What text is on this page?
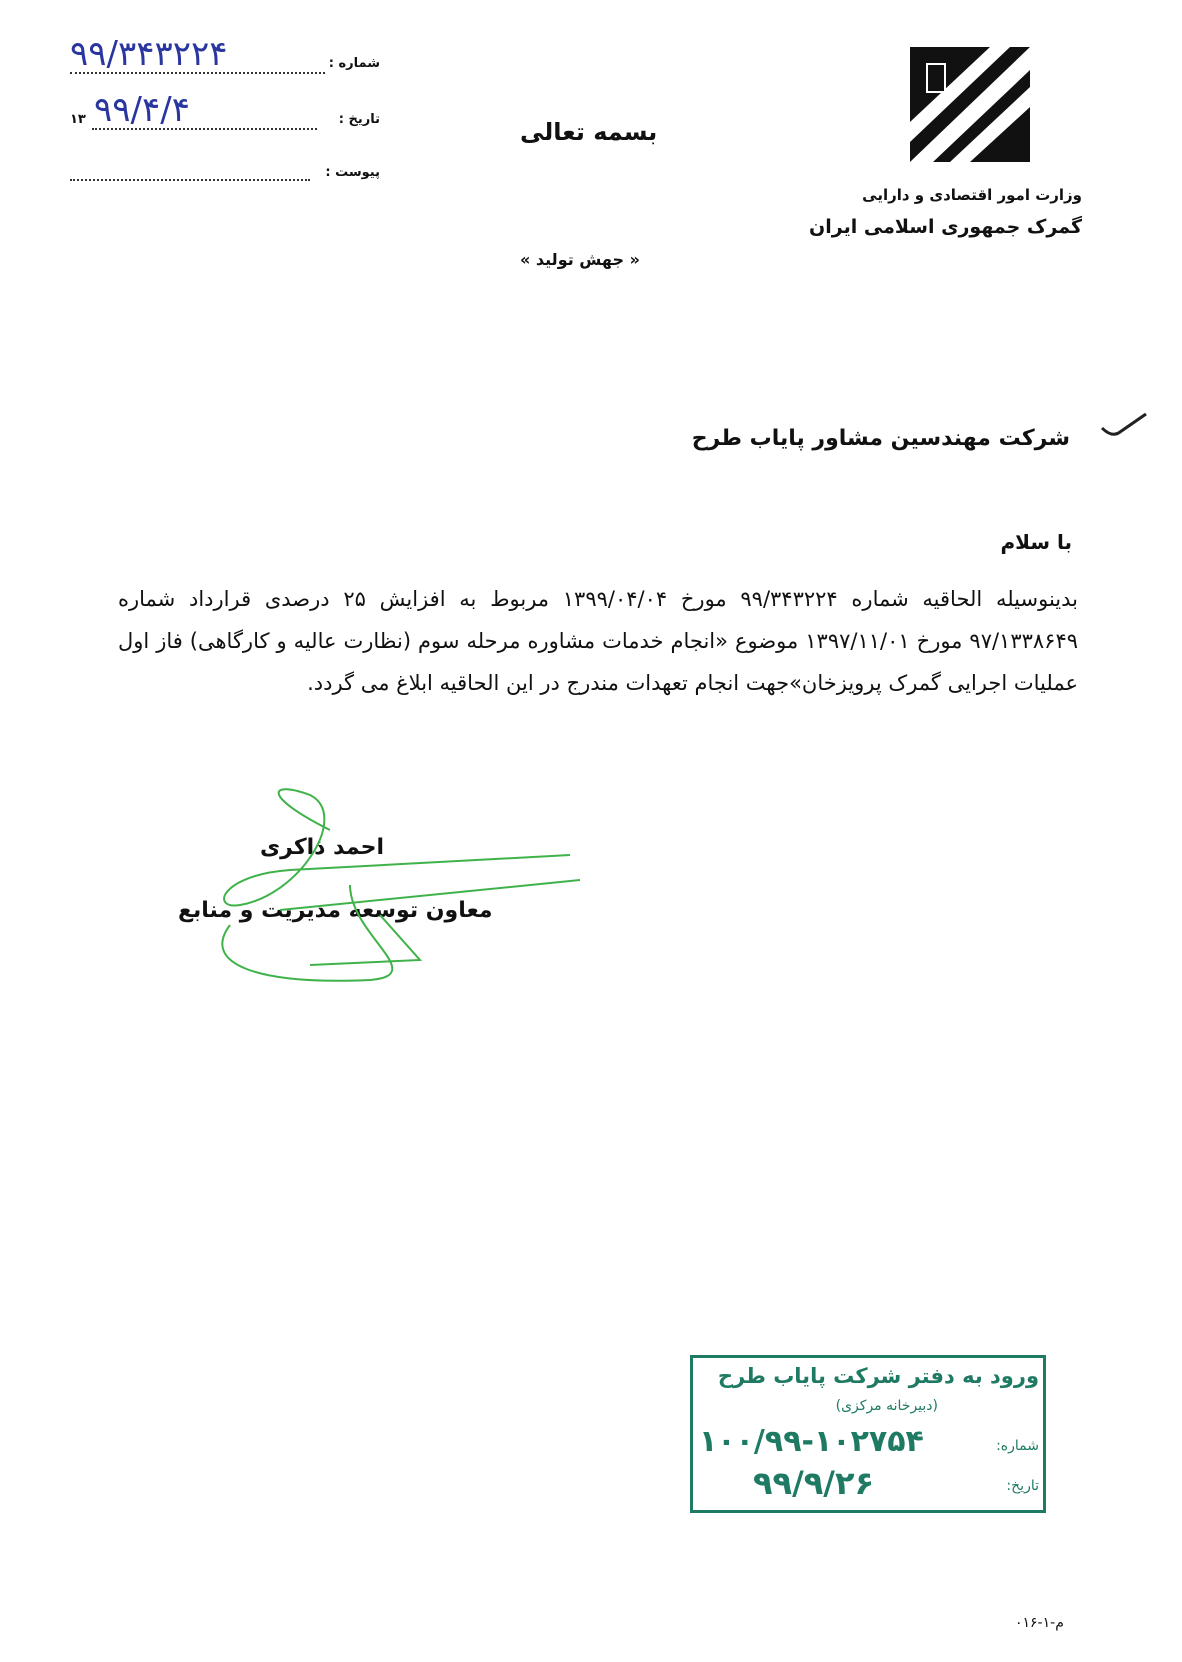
شماره :
۹۹/۳۴۳۲۲۴
تاریخ :
۱۳ ۹۹/۴/۴
پیوست :
بسمه تعالی
« جهش تولید »
وزارت امور اقتصادی و دارایی
گمرک جمهوری اسلامی ایران
شرکت مهندسین مشاور پایاب طرح
با سلام
بدینوسیله الحاقیه شماره ۹۹/۳۴۳۲۲۴ مورخ ۱۳۹۹/۰۴/۰۴ مربوط به افزایش ۲۵ درصدی قرارداد شماره ۹۷/۱۳۳۸۶۴۹ مورخ ۱۳۹۷/۱۱/۰۱ موضوع «انجام خدمات مشاوره مرحله سوم (نظارت عالیه و کارگاهی) فاز اول عملیات اجرایی گمرک پرویزخان»جهت انجام تعهدات مندرج در این الحاقیه ابلاغ می گردد.
احمد ذاکری
معاون توسعه مدیریت و منابع
ورود به دفتر شرکت پایاب طرح
(دبیرخانه مرکزی)
شماره:
۱۰۰/۹۹-۱۰۲۷۵۴
تاریخ:
۹۹/۹/۲۶
۰۱۶-۱-م
